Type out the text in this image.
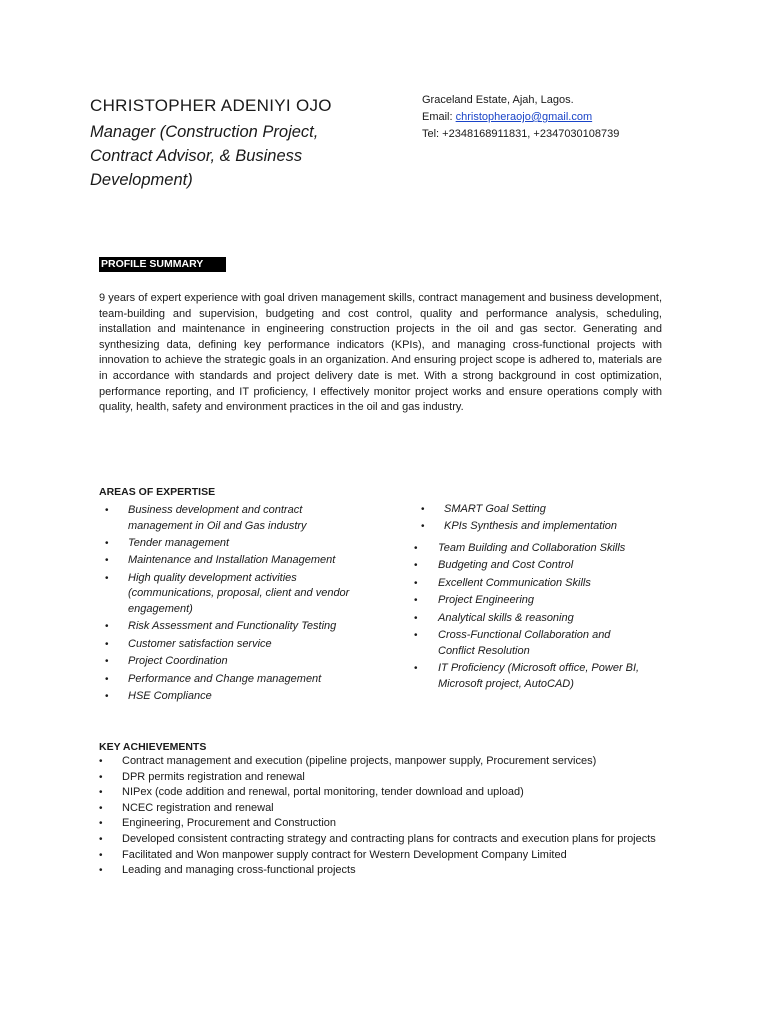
CHRISTOPHER ADENIYI OJO
Manager (Construction Project, Contract Advisor, & Business Development)
Graceland Estate, Ajah, Lagos.
Email: christopheraojo@gmail.com
Tel: +2348168911831, +2347030108739
PROFILE SUMMARY
9 years of expert experience with goal driven management skills, contract management and business development, team-building and supervision, budgeting and cost control, quality and performance analysis, scheduling, installation and maintenance in engineering construction projects in the oil and gas sector. Generating and synthesizing data, defining key performance indicators (KPIs), and managing cross-functional projects with innovation to achieve the strategic goals in an organization. And ensuring project scope is adhered to, materials are in accordance with standards and project delivery date is met. With a strong background in cost optimization, performance reporting, and IT proficiency, I effectively monitor project works and ensure operations comply with quality, health, safety and environment practices in the oil and gas industry.
AREAS OF EXPERTISE
• Business development and contract management in Oil and Gas industry
• Tender management
• Maintenance and Installation Management
• High quality development activities (communications, proposal, client and vendor engagement)
• Risk Assessment and Functionality Testing
• Customer satisfaction service
• Project Coordination
• Performance and Change management
• HSE Compliance
• SMART Goal Setting
• KPIs Synthesis and implementation
• Team Building and Collaboration Skills
• Budgeting and Cost Control
• Excellent Communication Skills
• Project Engineering
• Analytical skills & reasoning
• Cross-Functional Collaboration and Conflict Resolution
• IT Proficiency (Microsoft office, Power BI, Microsoft project, AutoCAD)
KEY ACHIEVEMENTS
• Contract management and execution (pipeline projects, manpower supply, Procurement services)
• DPR permits registration and renewal
• NIPex (code addition and renewal, portal monitoring, tender download and upload)
• NCEC registration and renewal
• Engineering, Procurement and Construction
• Developed consistent contracting strategy and contracting plans for contracts and execution plans for projects
• Facilitated and Won manpower supply contract for Western Development Company Limited
• Leading and managing cross-functional projects
